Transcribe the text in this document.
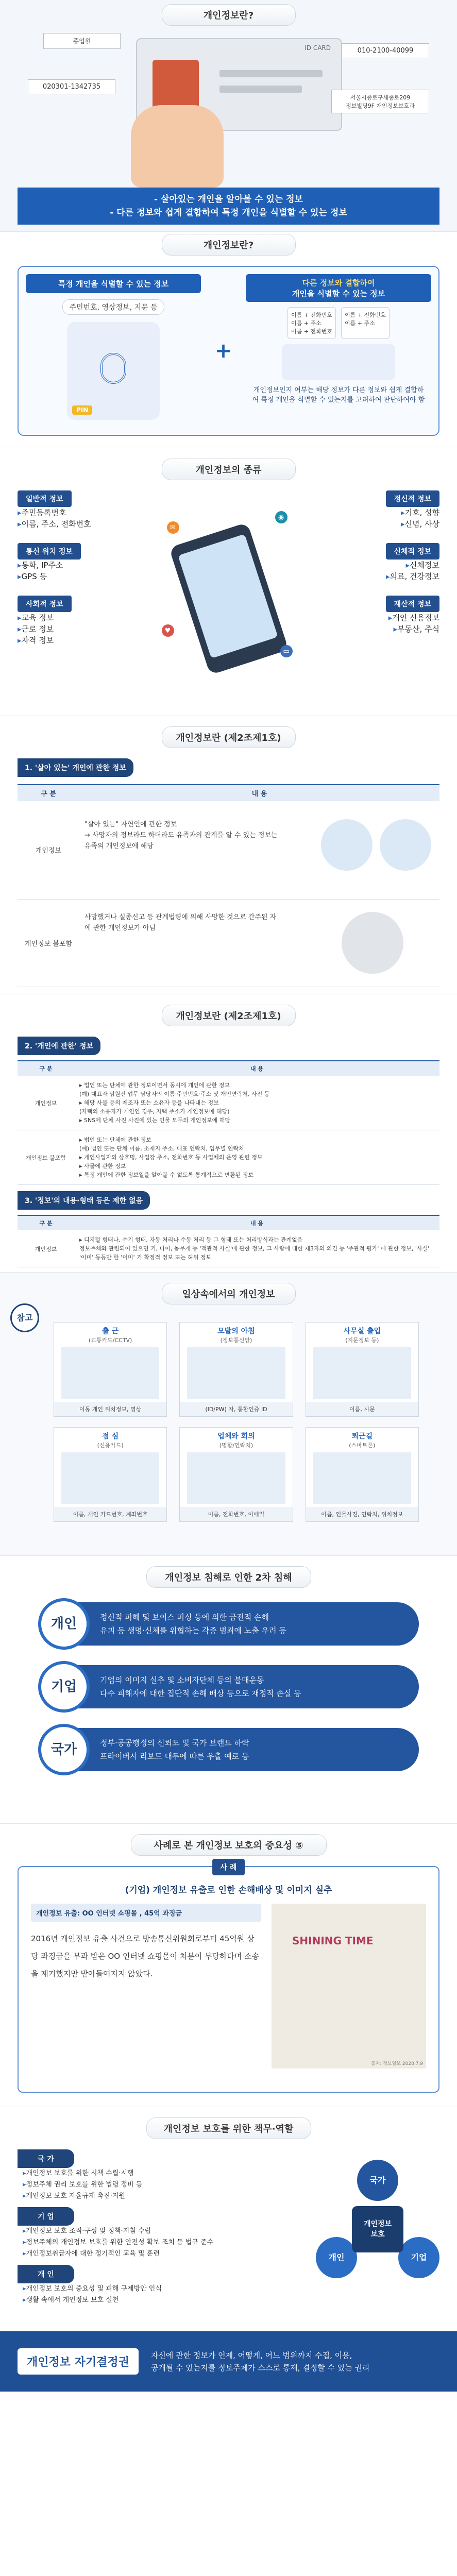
개인정보란?
ID CARD
종업원
020301-1342735
010-2100-40099
서울시중로구세종로209
정보빌딩9F 개인정보보호과
- 살아있는 개인을 알아볼 수 있는 정보
- 다른 정보와 쉽게 결합하여 특정 개인을 식별할 수 있는 정보
개인정보란?
특정 개인을 식별할 수 있는 정보
주민번호, 영상정보, 지문 등
PIN
+
다른 정보와 결합하여
개인을 식별할 수 있는 정보
이름 + 전화번호
이름 + 주소
이름 + 전화번호
이름 + 전화번호
이름 + 주소
개인정보인지 여부는 해당 정보가 다른 정보와 쉽게 결합하여 특정 개인을 식별할 수 있는지를 고려하여 판단하여야 함
개인정보의 종류
일반적 정보
▸ 주민등록번호
▸ 이름, 주소, 전화번호
통신 위치 정보
▸ 통화, IP주소
▸ GPS 등
사회적 정보
▸ 교육 정보
▸ 근로 정보
▸ 자격 정보
✉
◉
♥
▭
정신적 정보
▸ 기호, 성향
▸ 신념, 사상
신체적 정보
▸ 신체정보
▸ 의료, 건강정보
재산적 정보
▸ 개인 신용정보
▸ 부동산, 주식
개인정보란 (제2조제1호)
1. '살아 있는' 개인에 관한 정보
구 분	내 용
개인정보	"살아 있는" 자연인에 관한 정보
→ 사망자의 정보라도 하더라도 유족과의 관계를 알 수 있는 정보는 유족의 개인정보에 해당

개인정보 불포함	사망했거나 실종신고 등 관계법령에 의해 사망한 것으로 간주된 자에 관한 개인정보가 아님
개인정보란 (제2조제1호)
2. '개인에 관한' 정보
구 분	내 용
개인정보	▸ 법인 또는 단체에 관한 정보이면서 동시에 개인에 관한 정보
(예) 대표자 임원진 업무 담당자의 이름·주민번호·주소 및 개인연락처, 사진 등
▸ 해당 사물 등의 제조자 또는 소유자 등을 나타내는 정보
(자택의 소유자가 개인인 경우, 자택 주소가 개인정보에 해당)
▸ SNS에 단체 사진 사진에 있는 인물 모두의 개인정보에 해당

개인정보 불포함	▸ 법인 또는 단체에 관한 정보
(예) 법인 또는 단체 이름, 소재지 주소, 대표 연락처, 업무별 연락처
▸ 개인사업자의 상호명, 사업장 주소, 전화번호 등 사업체의 운영 관련 정보
▸ 사물에 관한 정보
▸ 특정 개인에 관한 정보일을 알아볼 수 없도록 통계적으로 변환된 정보
3. '정보'의 내용·형태 등은 제한 없음
구 분	내 용
개인정보	▸ 디지털 형태나, 수기 형태, 자동 처리나 수동 처리 등 그 형태 또는 처리방식과는 관계없음
정보주체와 관련되어 있으면 키, 나이, 몸무게 등 '객관적 사실'에 관한 정보, 그 사람에 대한 제3자의 의견 등 '주관적 평가' 에 관한 정보, '사실' '이미' 등등만 한 '이미' 거 확정적 정보 또는 허위 정보
일상속에서의 개인정보
참고
출 근
(교통카드/CCTV)
이동 개인 위치정보, 영상
모발의 아침
(정보통신망)
(ID/PW) 자, 통합인증 ID
사무실 출입
(지문정보 등)
이름, 시문
점 심
(신용카드)
이름, 개인 카드번호, 계좌번호
업체와 회의
(명함/연락처)
이름, 전화번호, 이메일
퇴근길
(스마트폰)
이름, 인물사진, 연락처, 위치정보
개인정보 침해로 인한 2차 침해
개인	정신적 피해 및 보이스 피싱 등에 의한 금전적 손해
유괴 등 생명·신체를 위협하는 각종 범죄에 노출 우려 등
기업	기업의 이미지 실추 및 소비자단체 등의 불매운동
다수 피해자에 대한 집단적 손해 배상 등으로 재정적 손실 등
국가	정부·공공행정의 신뢰도 및 국가 브랜드 하락
프라이버시 리보드 대두에 따른 우출 예로 등
사례로 본 개인정보 보호의 중요성 ⑤
사 례
(기업) 개인정보 유출로 인한 손해배상 및 이미지 실추
개인정보 유출: OO 인터넷 쇼핑몰 , 45억 과징금
2016년 개인정보 유출 사건으로 방송통신위원회로부터 45억원 상당 과징금을 부과 받은 OO 인터넷 쇼핑몰이 처분이 부당하다며 소송을 제기했지만 받아들여지지 않았다.
SHINING TIME
출처: 정보일보 2020.7.9
개인정보 보호를 위한 책무·역할
국 가
▸ 개인정보 보호를 위한 시책 수립·시행
▸ 정보주체 권리 보호를 위한 법령 정비 등
▸ 개인정보 보호 자율규제 촉진·지원
기 업
▸ 개인정보 보호 조직·구성 및 정책·지침 수립
▸ 정보주체의 개인정보 보호를 위한 안전성 확보 조치 등 법규 준수
▸ 개인정보취급자에 대한 정기적인 교육 및 훈련
개 인
▸ 개인정보 보호의 중요성 및 피해 구제방안 인식
▸ 생활 속에서 개인정보 보호 실천
국가
개인	기업
개인정보
보호
개인정보 자기결정권
자신에 관한 정보가 언제, 어떻게, 어느 범위까지 수집, 이용,
공개될 수 있는지를 정보주체가 스스로 통제, 결정할 수 있는 권리
